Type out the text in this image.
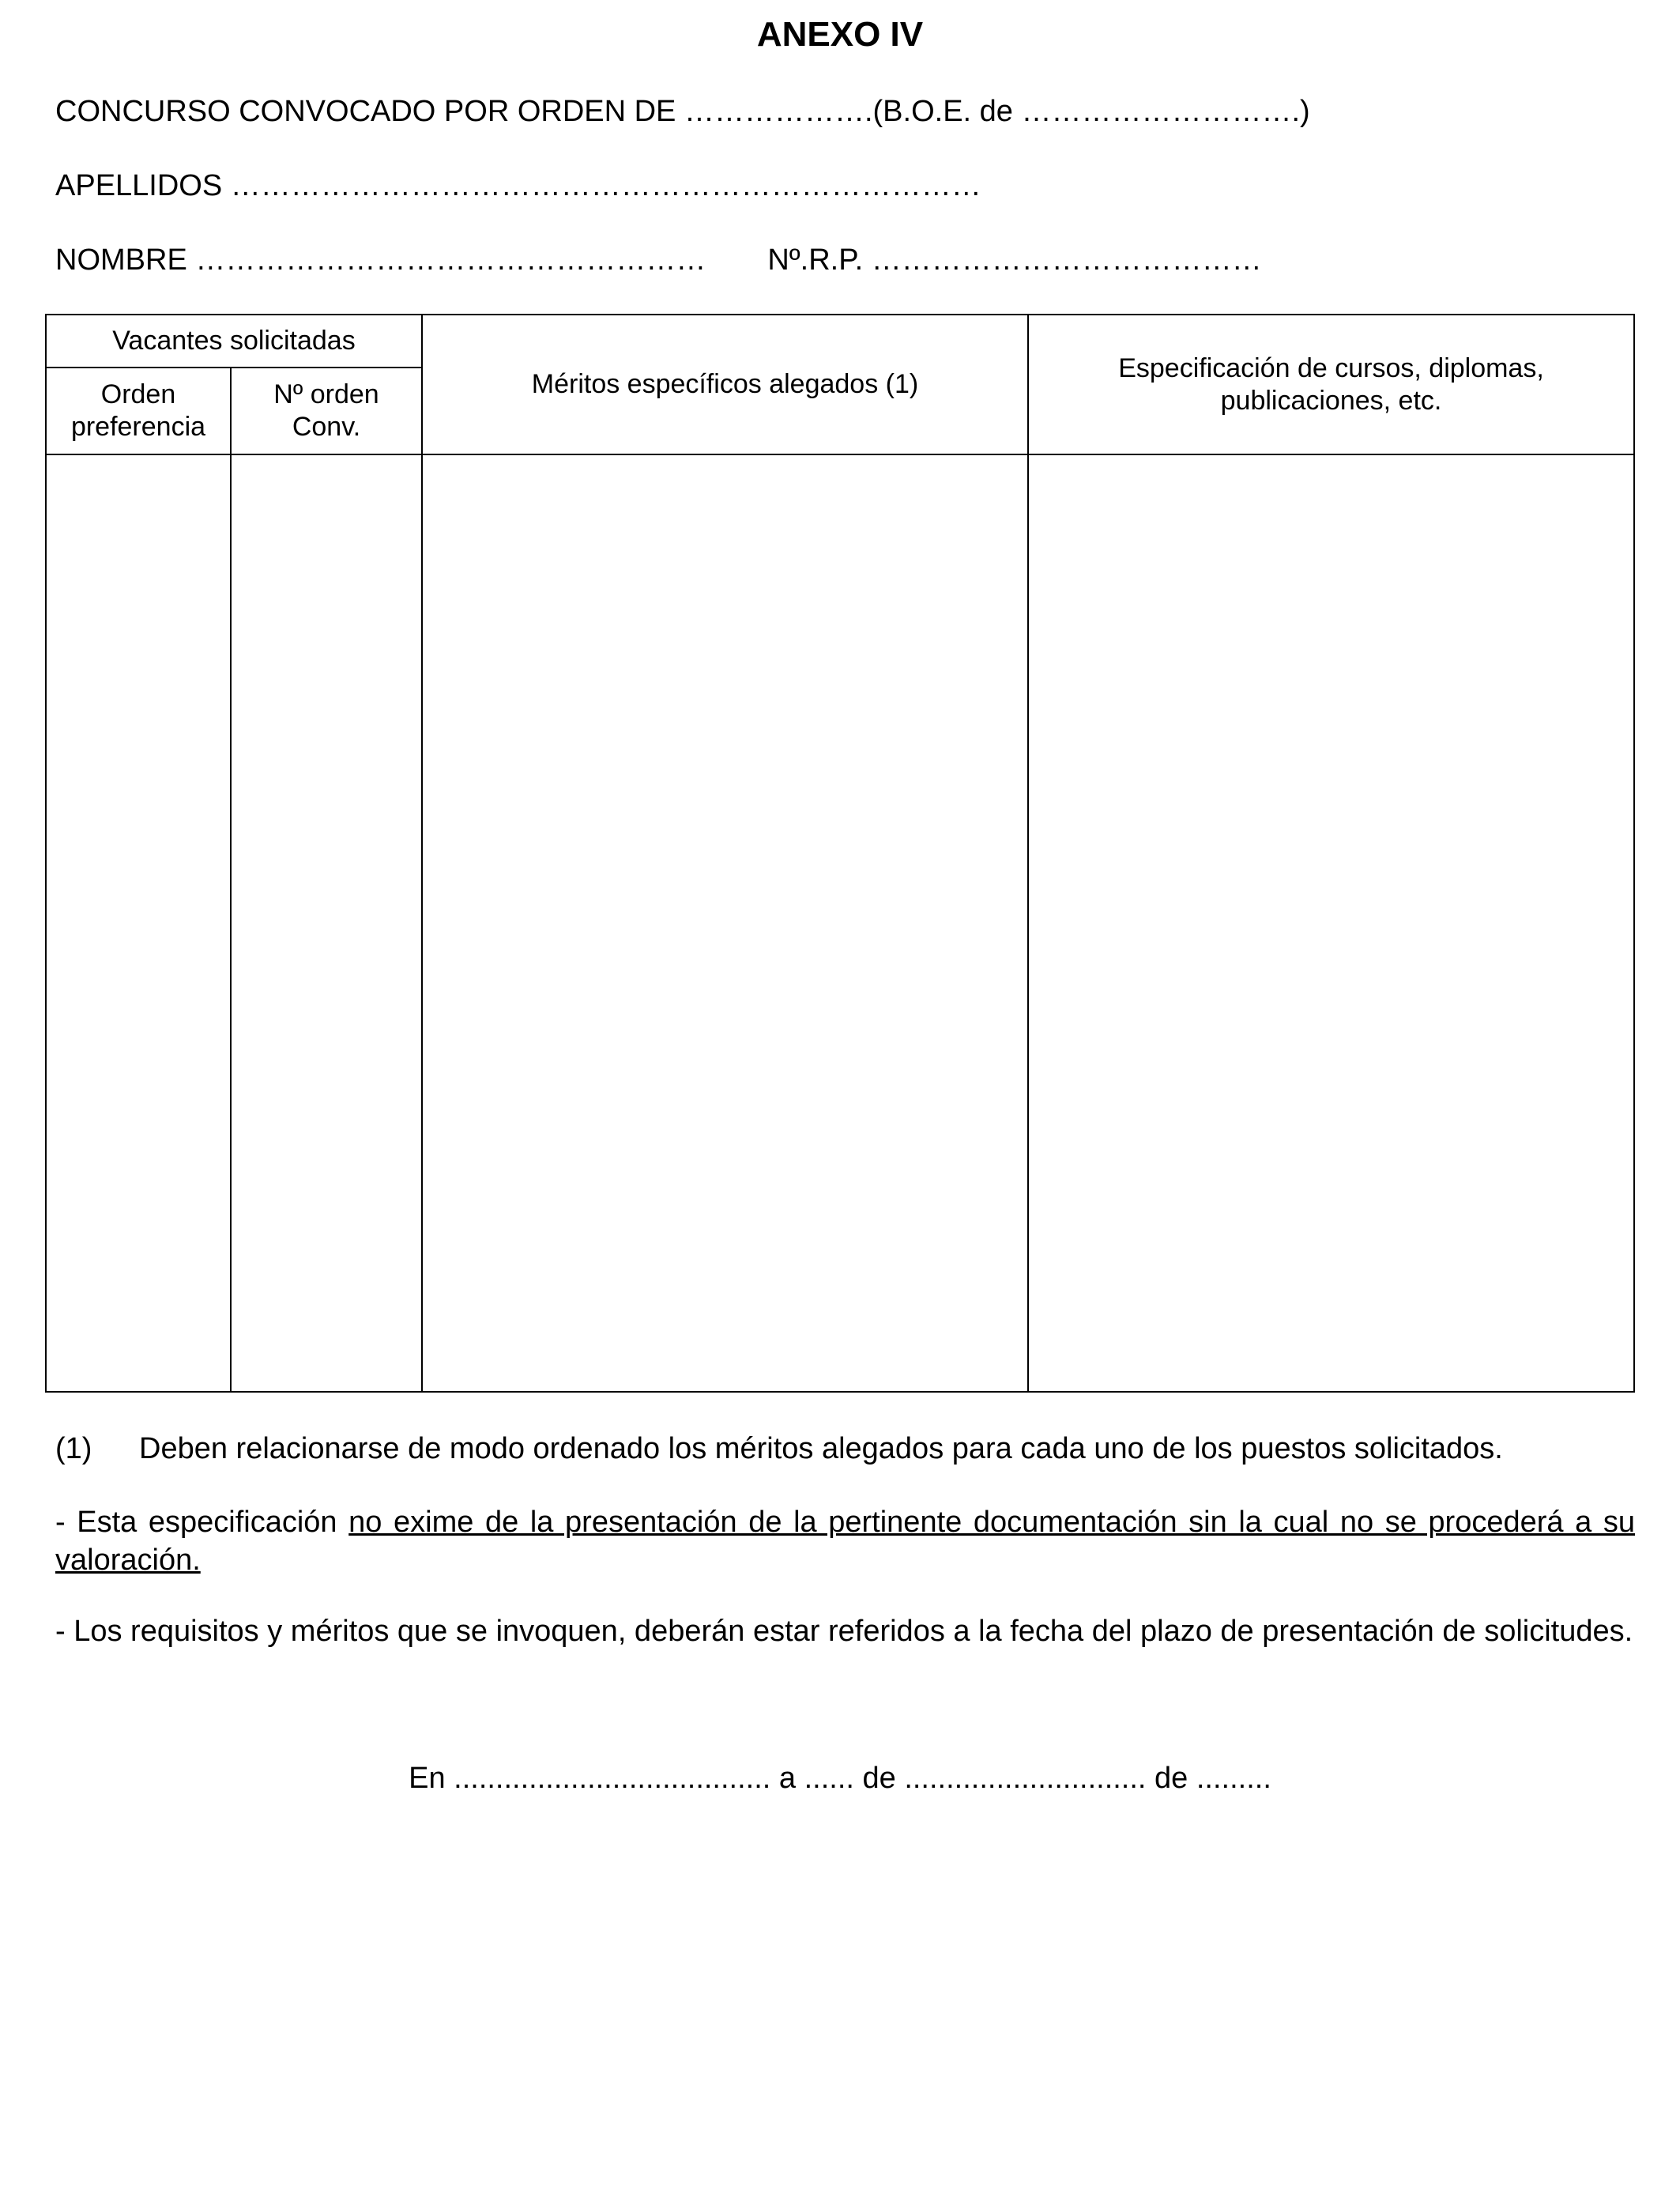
ANEXO IV
CONCURSO CONVOCADO POR ORDEN DE ……………….(B.O.E. de ……………………….)
APELLIDOS …………………………………………………………………
NOMBRE …………………………………………… Nº.R.P. …………………………………
Vacantes solicitadas		Méritos específicos alegados (1)	Especificación de cursos, diplomas, publicaciones, etc.
Orden preferencia	Nº orden Conv.		

(1) Deben relacionarse de modo ordenado los méritos alegados para cada uno de los puestos solicitados.
- Esta especificación no exime de la presentación de la pertinente documentación sin la cual no se procederá a su valoración.
- Los requisitos y méritos que se invoquen, deberán estar referidos a la fecha del plazo de presentación de solicitudes.
En ...................................... a ...... de ............................. de .........
